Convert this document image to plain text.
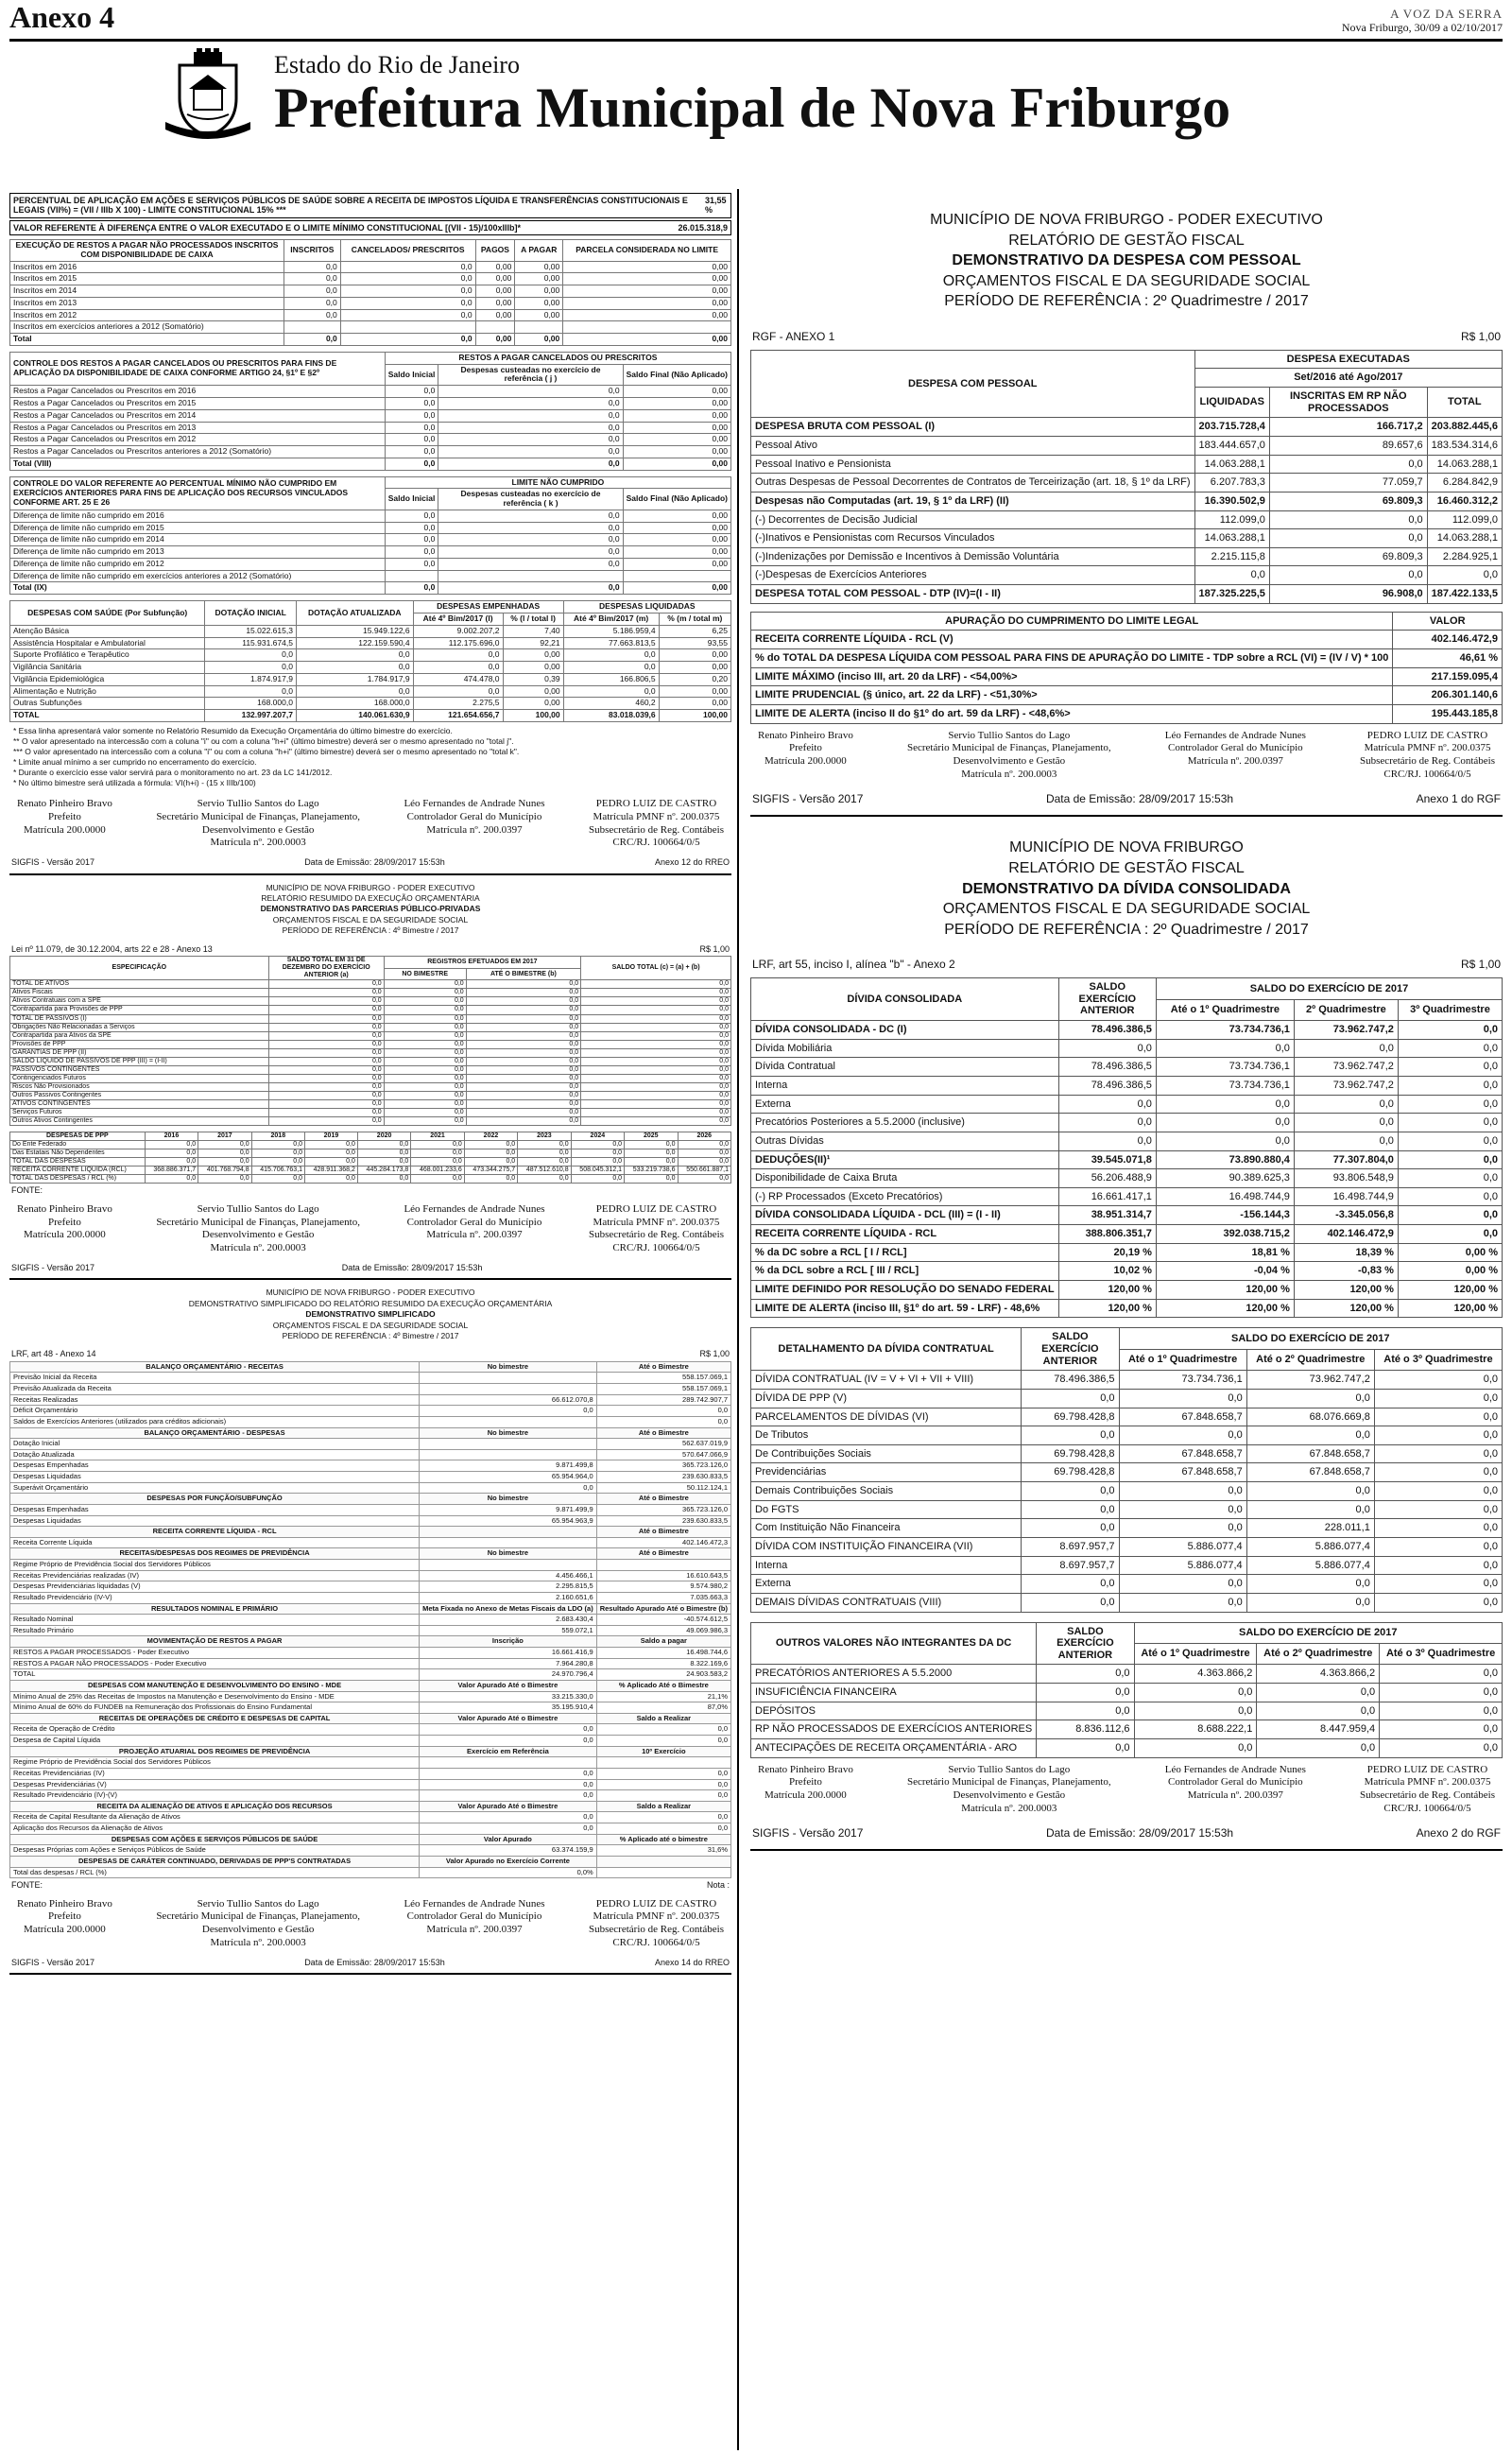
Anexo 4	A VOZ DA SERRA
Nova Friburgo, 30/09 a 02/10/2017
Estado do Rio de Janeiro
Prefeitura Municipal de Nova Friburgo
PERCENTUAL DE APLICAÇÃO EM AÇÕES E SERVIÇOS PÚBLICOS DE SAÚDE SOBRE A RECEITA DE IMPOSTOS LÍQUIDA E TRANSFERÊNCIAS CONSTITUCIONAIS E LEGAIS (VII%) = (VII / IIIb X 100) - LIMITE CONSTITUCIONAL 15% ***
31,55 %
VALOR REFERENTE À DIFERENÇA ENTRE O VALOR EXECUTADO E O LIMITE MÍNIMO CONSTITUCIONAL [(VII - 15)/100xIIIb]*	26.015.318,9
EXECUÇÃO DE RESTOS A PAGAR NÃO PROCESSADOS INSCRITOS COM DISPONIBILIDADE DE CAIXA	INSCRITOS	CANCELADOS/ PRESCRITOS	PAGOS	A PAGAR	PARCELA CONSIDERADA NO LIMITE
Inscritos em 2016	0,0	0,0	0,00	0,00	0,00
Inscritos em 2015	0,0	0,0	0,00	0,00	0,00
Inscritos em 2014	0,0	0,0	0,00	0,00	0,00
Inscritos em 2013	0,0	0,0	0,00	0,00	0,00
Inscritos em 2012	0,0	0,0	0,00	0,00	0,00
Inscritos em exercícios anteriores a 2012 (Somatório)					
Total	0,0	0,0	0,00	0,00	0,00
CONTROLE DOS RESTOS A PAGAR CANCELADOS OU PRESCRITOS PARA FINS DE APLICAÇÃO DA DISPONIBILIDADE DE CAIXA CONFORME ARTIGO 24, §1º E §2º	RESTOS A PAGAR CANCELADOS OU PRESCRITOS		
	Saldo Inicial	Despesas custeadas no exercício de referência ( j )	Saldo Final (Não Aplicado)
Restos a Pagar Cancelados ou Prescritos em 2016	0,0	0,0	0,00
Restos a Pagar Cancelados ou Prescritos em 2015	0,0	0,0	0,00
Restos a Pagar Cancelados ou Prescritos em 2014	0,0	0,0	0,00
Restos a Pagar Cancelados ou Prescritos em 2013	0,0	0,0	0,00
Restos a Pagar Cancelados ou Prescritos em 2012	0,0	0,0	0,00
Restos a Pagar Cancelados ou Prescritos anteriores a 2012 (Somatório)	0,0	0,0	0,00
Total (VIII)	0,0	0,0	0,00
CONTROLE DO VALOR REFERENTE AO PERCENTUAL MÍNIMO NÃO CUMPRIDO EM EXERCÍCIOS ANTERIORES PARA FINS DE APLICAÇÃO DOS RECURSOS VINCULADOS CONFORME ART. 25 E 26	LIMITE NÃO CUMPRIDO		
	Saldo Inicial	Despesas custeadas no exercício de referência ( k )	Saldo Final (Não Aplicado)
Diferença de limite não cumprido em 2016	0,0	0,0	0,00
Diferença de limite não cumprido em 2015	0,0	0,0	0,00
Diferença de limite não cumprido em 2014	0,0	0,0	0,00
Diferença de limite não cumprido em 2013	0,0	0,0	0,00
Diferença de limite não cumprido em 2012	0,0	0,0	0,00
Diferença de limite não cumprido em exercícios anteriores a 2012 (Somatório)			
Total (IX)	0,0	0,0	0,00
DESPESAS COM SAÚDE (Por Subfunção)	DOTAÇÃO INICIAL	DOTAÇÃO ATUALIZADA	DESPESAS EMPENHADAS		DESPESAS LIQUIDADAS	
			Até 4º Bim/2017 (l)	% (l / total l)	Até 4º Bim/2017 (m)	% (m / total m)
Atenção Básica	15.022.615,3	15.949.122,6	9.002.207,2	7,40	5.186.959,4	6,25
Assistência Hospitalar e Ambulatorial	115.931.674,5	122.159.590,4	112.175.696,0	92,21	77.663.813,5	93,55
Suporte Profilático e Terapêutico	0,0	0,0	0,0	0,00	0,0	0,00
Vigilância Sanitária	0,0	0,0	0,0	0,00	0,0	0,00
Vigilância Epidemiológica	1.874.917,9	1.784.917,9	474.478,0	0,39	166.806,5	0,20
Alimentação e Nutrição	0,0	0,0	0,0	0,00	0,0	0,00
Outras Subfunções	168.000,0	168.000,0	2.275,5	0,00	460,2	0,00
TOTAL	132.997.207,7	140.061.630,9	121.654.656,7	100,00	83.018.039,6	100,00
* Essa linha apresentará valor somente no Relatório Resumido da Execução Orçamentária do último bimestre do exercício.
** O valor apresentado na intercessão com a coluna "i" ou com a coluna "h+i" (último bimestre) deverá ser o mesmo apresentado no "total j".
*** O valor apresentado na intercessão com a coluna "i" ou com a coluna "h+i" (último bimestre) deverá ser o mesmo apresentado no "total k".
* Limite anual mínimo a ser cumprido no encerramento do exercício.
* Durante o exercício esse valor servirá para o monitoramento no art. 23 da LC 141/2012.
* No último bimestre será utilizada a fórmula: VI(h+i) - (15 x IIIb/100)
Renato Pinheiro Bravo
Prefeito
Matrícula 200.0000
Servio Tullio Santos do Lago
Secretário Municipal de Finanças, Planejamento,
Desenvolvimento e Gestão
Matrícula nº. 200.0003
Léo Fernandes de Andrade Nunes
Controlador Geral do Município
Matrícula nº. 200.0397
PEDRO LUIZ DE CASTRO
Matrícula PMNF nº. 200.0375
Subsecretário de Reg. Contábeis
CRC/RJ. 100664/0/5
SIGFIS - Versão 2017	Data de Emissão: 28/09/2017 15:53h	Anexo 12 do RREO
MUNICÍPIO DE NOVA FRIBURGO - PODER EXECUTIVO
RELATÓRIO RESUMIDO DA EXECUÇÃO ORÇAMENTÁRIA
DEMONSTRATIVO DAS PARCERIAS PÚBLICO-PRIVADAS
ORÇAMENTOS FISCAL E DA SEGURIDADE SOCIAL
PERÍODO DE REFERÊNCIA : 4º Bimestre / 2017
Lei nº 11.079, de 30.12.2004, arts 22 e 28 - Anexo 13	R$ 1,00
ESPECIFICAÇÃO	SALDO TOTAL EM 31 DE DEZEMBRO DO EXERCÍCIO ANTERIOR (a)	REGISTROS EFETUADOS EM 2017		SALDO TOTAL (c) = (a) + (b)
		NO BIMESTRE	ATÉ O BIMESTRE (b)	
TOTAL DE ATIVOS	0,0	0,0	0,0	0,0
Ativos Fiscais	0,0	0,0	0,0	0,0
Ativos Contratuais com a SPE	0,0	0,0	0,0	0,0
Contrapartida para Provisões de PPP	0,0	0,0	0,0	0,0
TOTAL DE PASSIVOS (I)	0,0	0,0	0,0	0,0
Obrigações Não Relacionadas a Serviços	0,0	0,0	0,0	0,0
Contrapartida para Ativos da SPE	0,0	0,0	0,0	0,0
Provisões de PPP	0,0	0,0	0,0	0,0
GARANTIAS DE PPP (II)	0,0	0,0	0,0	0,0
SALDO LÍQUIDO DE PASSIVOS DE PPP (III) = (I-II)	0,0	0,0	0,0	0,0
PASSIVOS CONTINGENTES	0,0	0,0	0,0	0,0
Contingenciados Futuros	0,0	0,0	0,0	0,0
Riscos Não Provisionados	0,0	0,0	0,0	0,0
Outros Passivos Contingentes	0,0	0,0	0,0	0,0
ATIVOS CONTINGENTES	0,0	0,0	0,0	0,0
Serviços Futuros	0,0	0,0	0,0	0,0
Outros Ativos Contingentes	0,0	0,0	0,0	0,0
DESPESAS DE PPP	2016	2017	2018	2019	2020	2021	2022	2023	2024	2025	2026
Do Ente Federado	0,0	0,0	0,0	0,0	0,0	0,0	0,0	0,0	0,0	0,0	0,0
Das Estatais Não Dependentes	0,0	0,0	0,0	0,0	0,0	0,0	0,0	0,0	0,0	0,0	0,0
TOTAL DAS DESPESAS	0,0	0,0	0,0	0,0	0,0	0,0	0,0	0,0	0,0	0,0	0,0
RECEITA CORRENTE LÍQUIDA (RCL)	368.886.371,7	401.768.794,8	415.706.763,1	428.911.368,2	445.284.173,8	468.001.233,6	473.344.275,7	487.512.610,8	508.045.312,1	533.219.738,6	550.661.887,1
TOTAL DAS DESPESAS / RCL (%)	0,0	0,0	0,0	0,0	0,0	0,0	0,0	0,0	0,0	0,0	0,0
FONTE:
Renato Pinheiro Bravo
Prefeito
Matrícula 200.0000
Servio Tullio Santos do Lago
Secretário Municipal de Finanças, Planejamento,
Desenvolvimento e Gestão
Matrícula nº. 200.0003
Léo Fernandes de Andrade Nunes
Controlador Geral do Município
Matrícula nº. 200.0397
PEDRO LUIZ DE CASTRO
Matrícula PMNF nº. 200.0375
Subsecretário de Reg. Contábeis
CRC/RJ. 100664/0/5
SIGFIS - Versão 2017	Data de Emissão: 28/09/2017 15:53h
MUNICÍPIO DE NOVA FRIBURGO - PODER EXECUTIVO
DEMONSTRATIVO SIMPLIFICADO DO RELATÓRIO RESUMIDO DA EXECUÇÃO ORÇAMENTÁRIA
DEMONSTRATIVO SIMPLIFICADO
ORÇAMENTOS FISCAL E DA SEGURIDADE SOCIAL
PERÍODO DE REFERÊNCIA : 4º Bimestre / 2017
LRF, art 48 - Anexo 14	R$ 1,00
BALANÇO ORÇAMENTÁRIO - RECEITAS	No bimestre	Até o Bimestre
Previsão Inicial da Receita		558.157.069,1
Previsão Atualizada da Receita		558.157.069,1
Receitas Realizadas	66.612.070,8	289.742.907,7
Déficit Orçamentário	0,0	0,0
Saldos de Exercícios Anteriores (utilizados para créditos adicionais)		0,0
BALANÇO ORÇAMENTÁRIO - DESPESAS	No bimestre	Até o Bimestre
Dotação Inicial		562.637.019,9
Dotação Atualizada		570.647.066,9
Despesas Empenhadas	9.871.499,8	365.723.126,0
Despesas Liquidadas	65.954.964,0	239.630.833,5
Superávit Orçamentário	0,0	50.112.124,1
DESPESAS POR FUNÇÃO/SUBFUNÇÃO	No bimestre	Até o Bimestre
Despesas Empenhadas	9.871.499,9	365.723.126,0
Despesas Liquidadas	65.954.963,9	239.630.833,5
RECEITA CORRENTE LÍQUIDA - RCL		Até o Bimestre
Receita Corrente Líquida		402.146.472,3
RECEITAS/DESPESAS DOS REGIMES DE PREVIDÊNCIA	No bimestre	Até o Bimestre
Regime Próprio de Previdência Social dos Servidores Públicos		
Receitas Previdenciárias realizadas (IV)	4.456.466,1	16.610.643,5
Despesas Previdenciárias liquidadas (V)	2.295.815,5	9.574.980,2
Resultado Previdenciário (IV-V)	2.160.651,6	7.035.663,3
RESULTADOS NOMINAL E PRIMÁRIO	Meta Fixada no Anexo de Metas Fiscais da LDO (a)	Resultado Apurado Até o Bimestre (b)
Resultado Nominal	2.683.430,4	-40.574.612,5
Resultado Primário	559.072,1	49.069.986,3
MOVIMENTAÇÃO DE RESTOS A PAGAR	Inscrição	Saldo a pagar
RESTOS A PAGAR PROCESSADOS - Poder Executivo	16.661.416,9	16.498.744,6
RESTOS A PAGAR NÃO PROCESSADOS - Poder Executivo	7.964.280,8	8.322.169,6
TOTAL	24.970.796,4	24.903.583,2
DESPESAS COM MANUTENÇÃO E DESENVOLVIMENTO DO ENSINO - MDE	Valor Apurado Até o Bimestre	% Aplicado Até o Bimestre
Mínimo Anual de 25% das Receitas de Impostos na Manutenção e Desenvolvimento do Ensino - MDE	33.215.330,0	21,1%
Mínimo Anual de 60% do FUNDEB na Remuneração dos Profissionais do Ensino Fundamental	35.195.910,4	87,0%
RECEITAS DE OPERAÇÕES DE CRÉDITO E DESPESAS DE CAPITAL	Valor Apurado Até o Bimestre	Saldo a Realizar
Receita de Operação de Crédito	0,0	0,0
Despesa de Capital Líquida	0,0	0,0
PROJEÇÃO ATUARIAL DOS REGIMES DE PREVIDÊNCIA	Exercício em Referência	10º Exercício
Regime Próprio de Previdência Social dos Servidores Públicos		
Receitas Previdenciárias (IV)	0,0	0,0
Despesas Previdenciárias (V)	0,0	0,0
Resultado Previdenciário (IV)-(V)	0,0	0,0
RECEITA DA ALIENAÇÃO DE ATIVOS E APLICAÇÃO DOS RECURSOS	Valor Apurado Até o Bimestre	Saldo a Realizar
Receita de Capital Resultante da Alienação de Ativos	0,0	0,0
Aplicação dos Recursos da Alienação de Ativos	0,0	0,0
DESPESAS COM AÇÕES E SERVIÇOS PÚBLICOS DE SAÚDE	Valor Apurado	% Aplicado até o bimestre
Despesas Próprias com Ações e Serviços Públicos de Saúde	63.374.159,9	31,6%
DESPESAS DE CARÁTER CONTINUADO, DERIVADAS DE PPP'S CONTRATADAS	Valor Apurado no Exercício Corrente	
Total das despesas / RCL (%)	0,0%	
FONTE:	Nota :
Renato Pinheiro Bravo
Prefeito
Matrícula 200.0000
Servio Tullio Santos do Lago
Secretário Municipal de Finanças, Planejamento,
Desenvolvimento e Gestão
Matrícula nº. 200.0003
Léo Fernandes de Andrade Nunes
Controlador Geral do Município
Matrícula nº. 200.0397
PEDRO LUIZ DE CASTRO
Matrícula PMNF nº. 200.0375
Subsecretário de Reg. Contábeis
CRC/RJ. 100664/0/5
SIGFIS - Versão 2017	Data de Emissão: 28/09/2017 15:53h	Anexo 14 do RREO
MUNICÍPIO DE NOVA FRIBURGO - PODER EXECUTIVO
RELATÓRIO DE GESTÃO FISCAL
DEMONSTRATIVO DA DESPESA COM PESSOAL
ORÇAMENTOS FISCAL E DA SEGURIDADE SOCIAL
PERÍODO DE REFERÊNCIA : 2º Quadrimestre / 2017
RGF - ANEXO 1	R$ 1,00
DESPESA COM PESSOAL	DESPESA EXECUTADAS		
	Set/2016 até Ago/2017		
	LIQUIDADAS	INSCRITAS EM RP NÃO PROCESSADOS	TOTAL
DESPESA BRUTA COM PESSOAL (I)	203.715.728,4	166.717,2	203.882.445,6
Pessoal Ativo	183.444.657,0	89.657,6	183.534.314,6
Pessoal Inativo e Pensionista	14.063.288,1	0,0	14.063.288,1
Outras Despesas de Pessoal Decorrentes de Contratos de Terceirização (art. 18, § 1º da LRF)	6.207.783,3	77.059,7	6.284.842,9
Despesas não Computadas (art. 19, § 1º da LRF) (II)	16.390.502,9	69.809,3	16.460.312,2
(-) Decorrentes de Decisão Judicial	112.099,0	0,0	112.099,0
(-)Inativos e Pensionistas com Recursos Vinculados	14.063.288,1	0,0	14.063.288,1
(-)Indenizações por Demissão e Incentivos à Demissão Voluntária	2.215.115,8	69.809,3	2.284.925,1
(-)Despesas de Exercícios Anteriores	0,0	0,0	0,0
DESPESA TOTAL COM PESSOAL - DTP (IV)=(I - II)	187.325.225,5	96.908,0	187.422.133,5
APURAÇÃO DO CUMPRIMENTO DO LIMITE LEGAL	VALOR
RECEITA CORRENTE LÍQUIDA - RCL (V)	402.146.472,9
% do TOTAL DA DESPESA LÍQUIDA COM PESSOAL PARA FINS DE APURAÇÃO DO LIMITE - TDP sobre a RCL (VI) = (IV / V) * 100	46,61 %
LIMITE MÁXIMO (inciso III, art. 20 da LRF) - <54,00%>	217.159.095,4
LIMITE PRUDENCIAL (§ único, art. 22 da LRF) - <51,30%>	206.301.140,6
LIMITE DE ALERTA (inciso II do §1º do art. 59 da LRF) - <48,6%>	195.443.185,8
Renato Pinheiro Bravo
Prefeito
Matrícula 200.0000
Servio Tullio Santos do Lago
Secretário Municipal de Finanças, Planejamento,
Desenvolvimento e Gestão
Matrícula nº. 200.0003
Léo Fernandes de Andrade Nunes
Controlador Geral do Município
Matrícula nº. 200.0397
PEDRO LUIZ DE CASTRO
Matrícula PMNF nº. 200.0375
Subsecretário de Reg. Contábeis
CRC/RJ. 100664/0/5
SIGFIS - Versão 2017	Data de Emissão: 28/09/2017 15:53h	Anexo 1 do RGF
MUNICÍPIO DE NOVA FRIBURGO
RELATÓRIO DE GESTÃO FISCAL
DEMONSTRATIVO DA DÍVIDA CONSOLIDADA
ORÇAMENTOS FISCAL E DA SEGURIDADE SOCIAL
PERÍODO DE REFERÊNCIA : 2º Quadrimestre / 2017
LRF, art 55, inciso I, alínea "b" - Anexo 2	R$ 1,00
DÍVIDA CONSOLIDADA	SALDO EXERCÍCIO ANTERIOR	SALDO DO EXERCÍCIO DE 2017		
		Até o 1º Quadrimestre	2º Quadrimestre	3º Quadrimestre
DÍVIDA CONSOLIDADA - DC (I)	78.496.386,5	73.734.736,1	73.962.747,2	0,0
Dívida Mobiliária	0,0	0,0	0,0	0,0
Dívida Contratual	78.496.386,5	73.734.736,1	73.962.747,2	0,0
Interna	78.496.386,5	73.734.736,1	73.962.747,2	0,0
Externa	0,0	0,0	0,0	0,0
Precatórios Posteriores a 5.5.2000 (inclusive)	0,0	0,0	0,0	0,0
Outras Dívidas	0,0	0,0	0,0	0,0
DEDUÇÕES(II)¹	39.545.071,8	73.890.880,4	77.307.804,0	0,0
Disponibilidade de Caixa Bruta	56.206.488,9	90.389.625,3	93.806.548,9	0,0
(-) RP Processados (Exceto Precatórios)	16.661.417,1	16.498.744,9	16.498.744,9	0,0
DÍVIDA CONSOLIDADA LÍQUIDA - DCL (III) = (I - II)	38.951.314,7	-156.144,3	-3.345.056,8	0,0
RECEITA CORRENTE LÍQUIDA - RCL	388.806.351,7	392.038.715,2	402.146.472,9	0,0
% da DC sobre a RCL [ I / RCL]	20,19 %	18,81 %	18,39 %	0,00 %
% da DCL sobre a RCL [ III / RCL]	10,02 %	-0,04 %	-0,83 %	0,00 %
LIMITE DEFINIDO POR RESOLUÇÃO DO SENADO FEDERAL	120,00 %	120,00 %	120,00 %	120,00 %
LIMITE DE ALERTA (inciso III, §1º do art. 59 - LRF) - 48,6%	120,00 %	120,00 %	120,00 %	120,00 %
DETALHAMENTO DA DÍVIDA CONTRATUAL	SALDO EXERCÍCIO ANTERIOR	SALDO DO EXERCÍCIO DE 2017		
		Até o 1º Quadrimestre	Até o 2º Quadrimestre	Até o 3º Quadrimestre
DÍVIDA CONTRATUAL (IV = V + VI + VII + VIII)	78.496.386,5	73.734.736,1	73.962.747,2	0,0
DÍVIDA DE PPP (V)	0,0	0,0	0,0	0,0
PARCELAMENTOS DE DÍVIDAS (VI)	69.798.428,8	67.848.658,7	68.076.669,8	0,0
De Tributos	0,0	0,0	0,0	0,0
De Contribuições Sociais	69.798.428,8	67.848.658,7	67.848.658,7	0,0
Previdenciárias	69.798.428,8	67.848.658,7	67.848.658,7	0,0
Demais Contribuições Sociais	0,0	0,0	0,0	0,0
Do FGTS	0,0	0,0	0,0	0,0
Com Instituição Não Financeira	0,0	0,0	228.011,1	0,0
DÍVIDA COM INSTITUIÇÃO FINANCEIRA (VII)	8.697.957,7	5.886.077,4	5.886.077,4	0,0
Interna	8.697.957,7	5.886.077,4	5.886.077,4	0,0
Externa	0,0	0,0	0,0	0,0
DEMAIS DÍVIDAS CONTRATUAIS (VIII)	0,0	0,0	0,0	0,0
OUTROS VALORES NÃO INTEGRANTES DA DC	SALDO EXERCÍCIO ANTERIOR	SALDO DO EXERCÍCIO DE 2017		
		Até o 1º Quadrimestre	Até o 2º Quadrimestre	Até o 3º Quadrimestre
PRECATÓRIOS ANTERIORES A 5.5.2000	0,0	4.363.866,2	4.363.866,2	0,0
INSUFICIÊNCIA FINANCEIRA	0,0	0,0	0,0	0,0
DEPÓSITOS	0,0	0,0	0,0	0,0
RP NÃO PROCESSADOS DE EXERCÍCIOS ANTERIORES	8.836.112,6	8.688.222,1	8.447.959,4	0,0
ANTECIPAÇÕES DE RECEITA ORÇAMENTÁRIA - ARO	0,0	0,0	0,0	0,0
Renato Pinheiro Bravo
Prefeito
Matrícula 200.0000
Servio Tullio Santos do Lago
Secretário Municipal de Finanças, Planejamento,
Desenvolvimento e Gestão
Matrícula nº. 200.0003
Léo Fernandes de Andrade Nunes
Controlador Geral do Município
Matrícula nº. 200.0397
PEDRO LUIZ DE CASTRO
Matrícula PMNF nº. 200.0375
Subsecretário de Reg. Contábeis
CRC/RJ. 100664/0/5
SIGFIS - Versão 2017	Data de Emissão: 28/09/2017 15:53h	Anexo 2 do RGF
